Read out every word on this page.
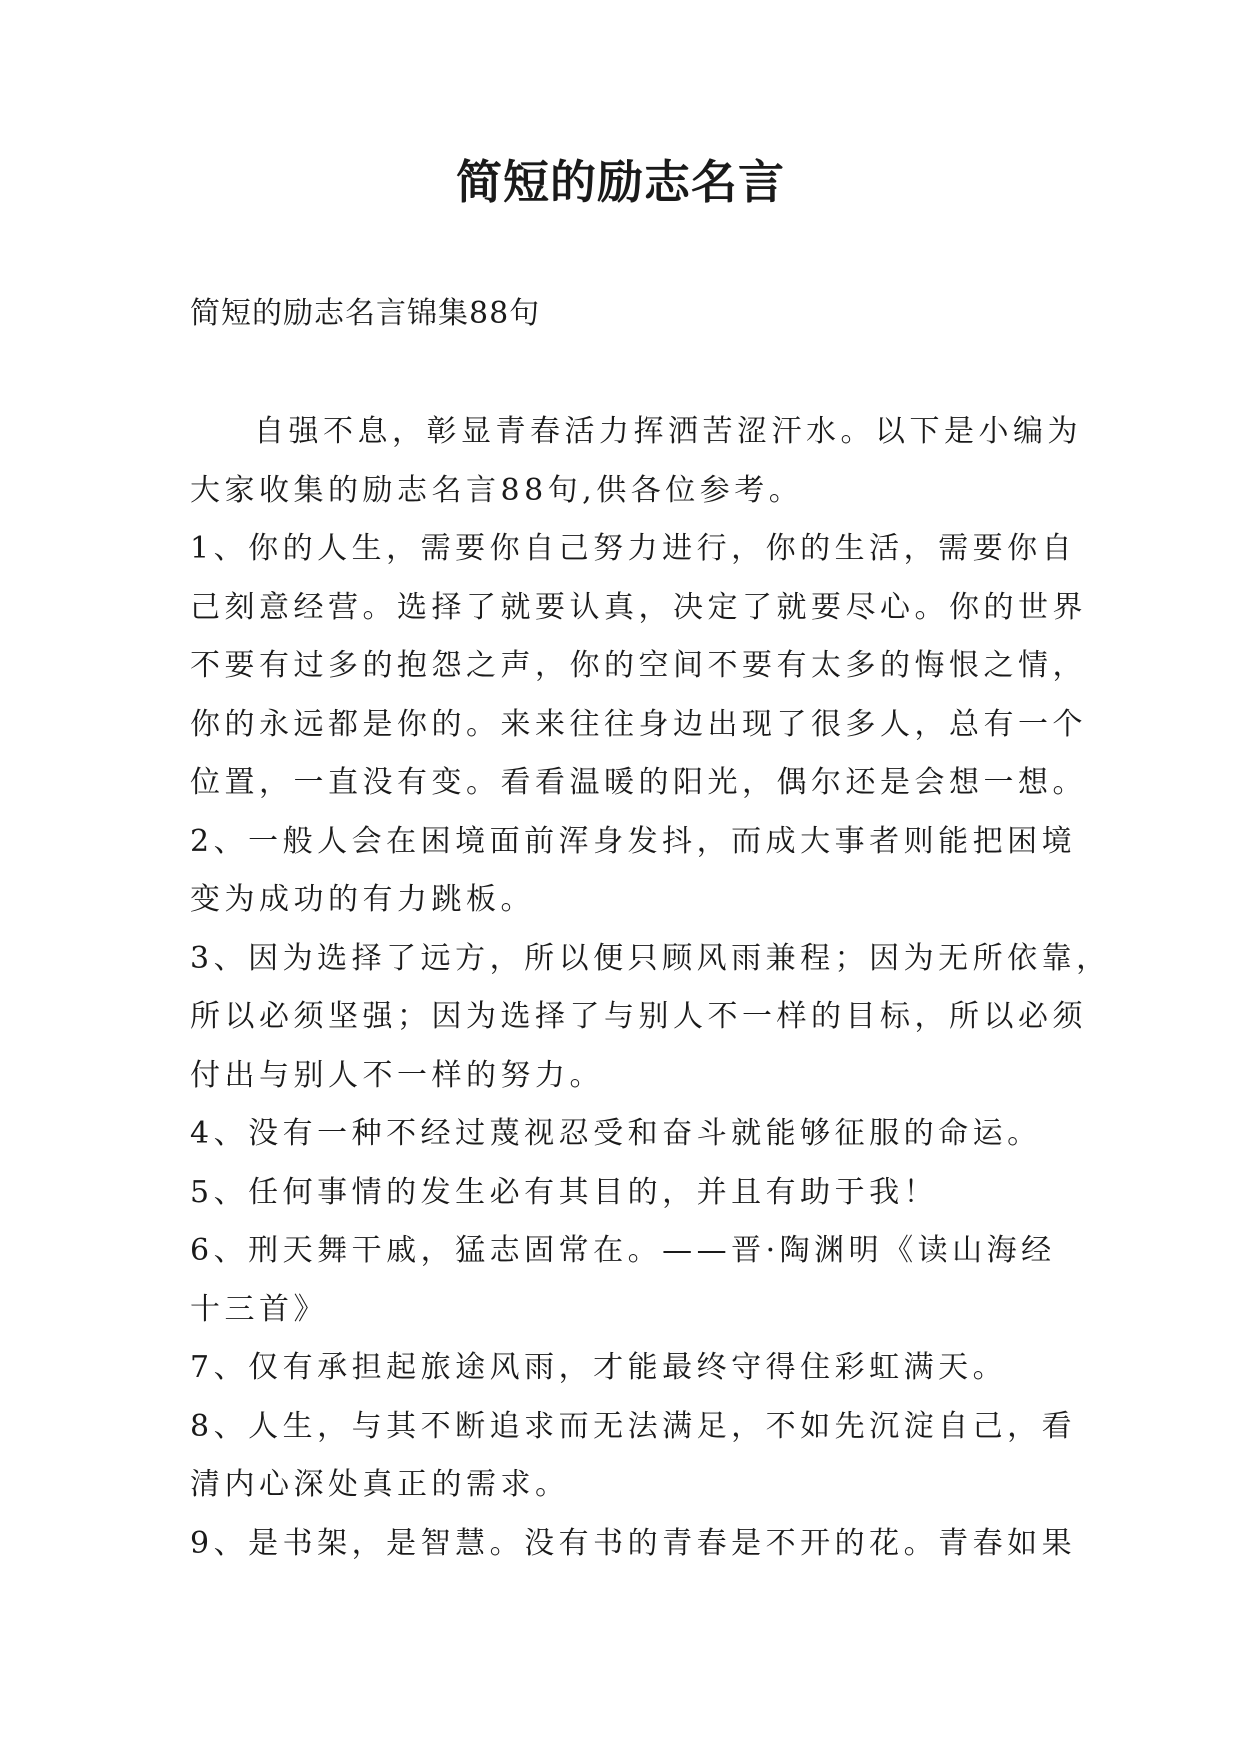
简短的励志名言
简短的励志名言锦集88句
自强不息，彰显青春活力挥洒苦涩汗水。以下是小编为
大家收集的励志名言88句,供各位参考。
1、你的人生，需要你自己努力进行，你的生活，需要你自
己刻意经营。选择了就要认真，决定了就要尽心。你的世界
不要有过多的抱怨之声，你的空间不要有太多的悔恨之情，
你的永远都是你的。来来往往身边出现了很多人，总有一个
位置，一直没有变。看看温暖的阳光，偶尔还是会想一想。
2、一般人会在困境面前浑身发抖，而成大事者则能把困境
变为成功的有力跳板。
3、因为选择了远方，所以便只顾风雨兼程；因为无所依靠，
所以必须坚强；因为选择了与别人不一样的目标，所以必须
付出与别人不一样的努力。
4、没有一种不经过蔑视忍受和奋斗就能够征服的命运。
5、任何事情的发生必有其目的，并且有助于我！
6、刑天舞干戚，猛志固常在。——晋·陶渊明《读山海经
十三首》
7、仅有承担起旅途风雨，才能最终守得住彩虹满天。
8、人生，与其不断追求而无法满足，不如先沉淀自己，看
清内心深处真正的需求。
9、是书架，是智慧。没有书的青春是不开的花。青春如果
